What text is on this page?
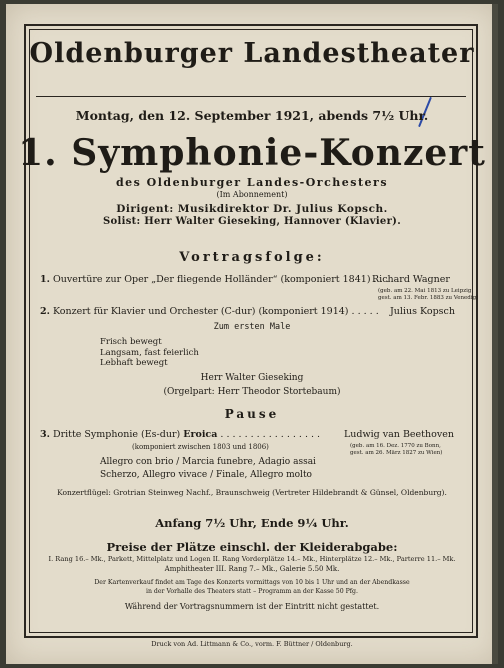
Oldenburger Landestheater
Montag, den 12. September 1921, abends 7½ Uhr.
1. Symphonie-Konzert
des Oldenburger Landes-Orchesters
(Im Abonnement)
Dirigent: Musikdirektor Dr. Julius Kopsch.
Solist: Herr Walter Gieseking, Hannover (Klavier).
Vortragsfolge:
1. Ouvertüre zur Oper „Der fliegende Holländer“ (komponiert 1841) . . .
Richard Wagner
(geb. am 22. Mai 1813 zu Leipzig
gest. am 13. Febr. 1883 zu Venedig)
2. Konzert für Klavier und Orchester (C-dur) (komponiert 1914) . . . . . Julius Kopsch
Zum ersten Male
Frisch bewegt
Langsam, fast feierlich
Lebhaft bewegt
Herr Walter Gieseking
(Orgelpart: Herr Theodor Stortebaum)
Pause
3. Dritte Symphonie (Es-dur) Eroica . . . . . . . . . . . . . . . . .	Ludwig van Beethoven
(komponiert zwischen 1803 und 1806)	(geb. am 16. Dez. 1770 zu Bonn,
gest. am 26. März 1827 zu Wien)
Allegro con brio / Marcia funebre, Adagio assai
Scherzo, Allegro vivace / Finale, Allegro molto
Konzertflügel: Grotrian Steinweg Nachf., Braunschweig (Vertreter Hildebrandt & Günsel, Oldenburg).
Anfang 7½ Uhr, Ende 9¼ Uhr.
Preise der Plätze einschl. der Kleiderabgabe:
I. Rang 16.– Mk., Parkett, Mittelplatz und Logen II. Rang Vorderplätze 14.– Mk., Hinterplätze 12.– Mk., Parterre 11.– Mk.
Amphitheater III. Rang 7.– Mk., Galerie 5.50 Mk.
Der Kartenverkauf findet am Tage des Konzerts vormittags von 10 bis 1 Uhr und an der Abendkasse
in der Vorhalle des Theaters statt – Programm an der Kasse 50 Pfg.
Während der Vortragsnummern ist der Eintritt nicht gestattet.
Druck von Ad. Littmann & Co., vorm. F. Büttner / Oldenburg.
